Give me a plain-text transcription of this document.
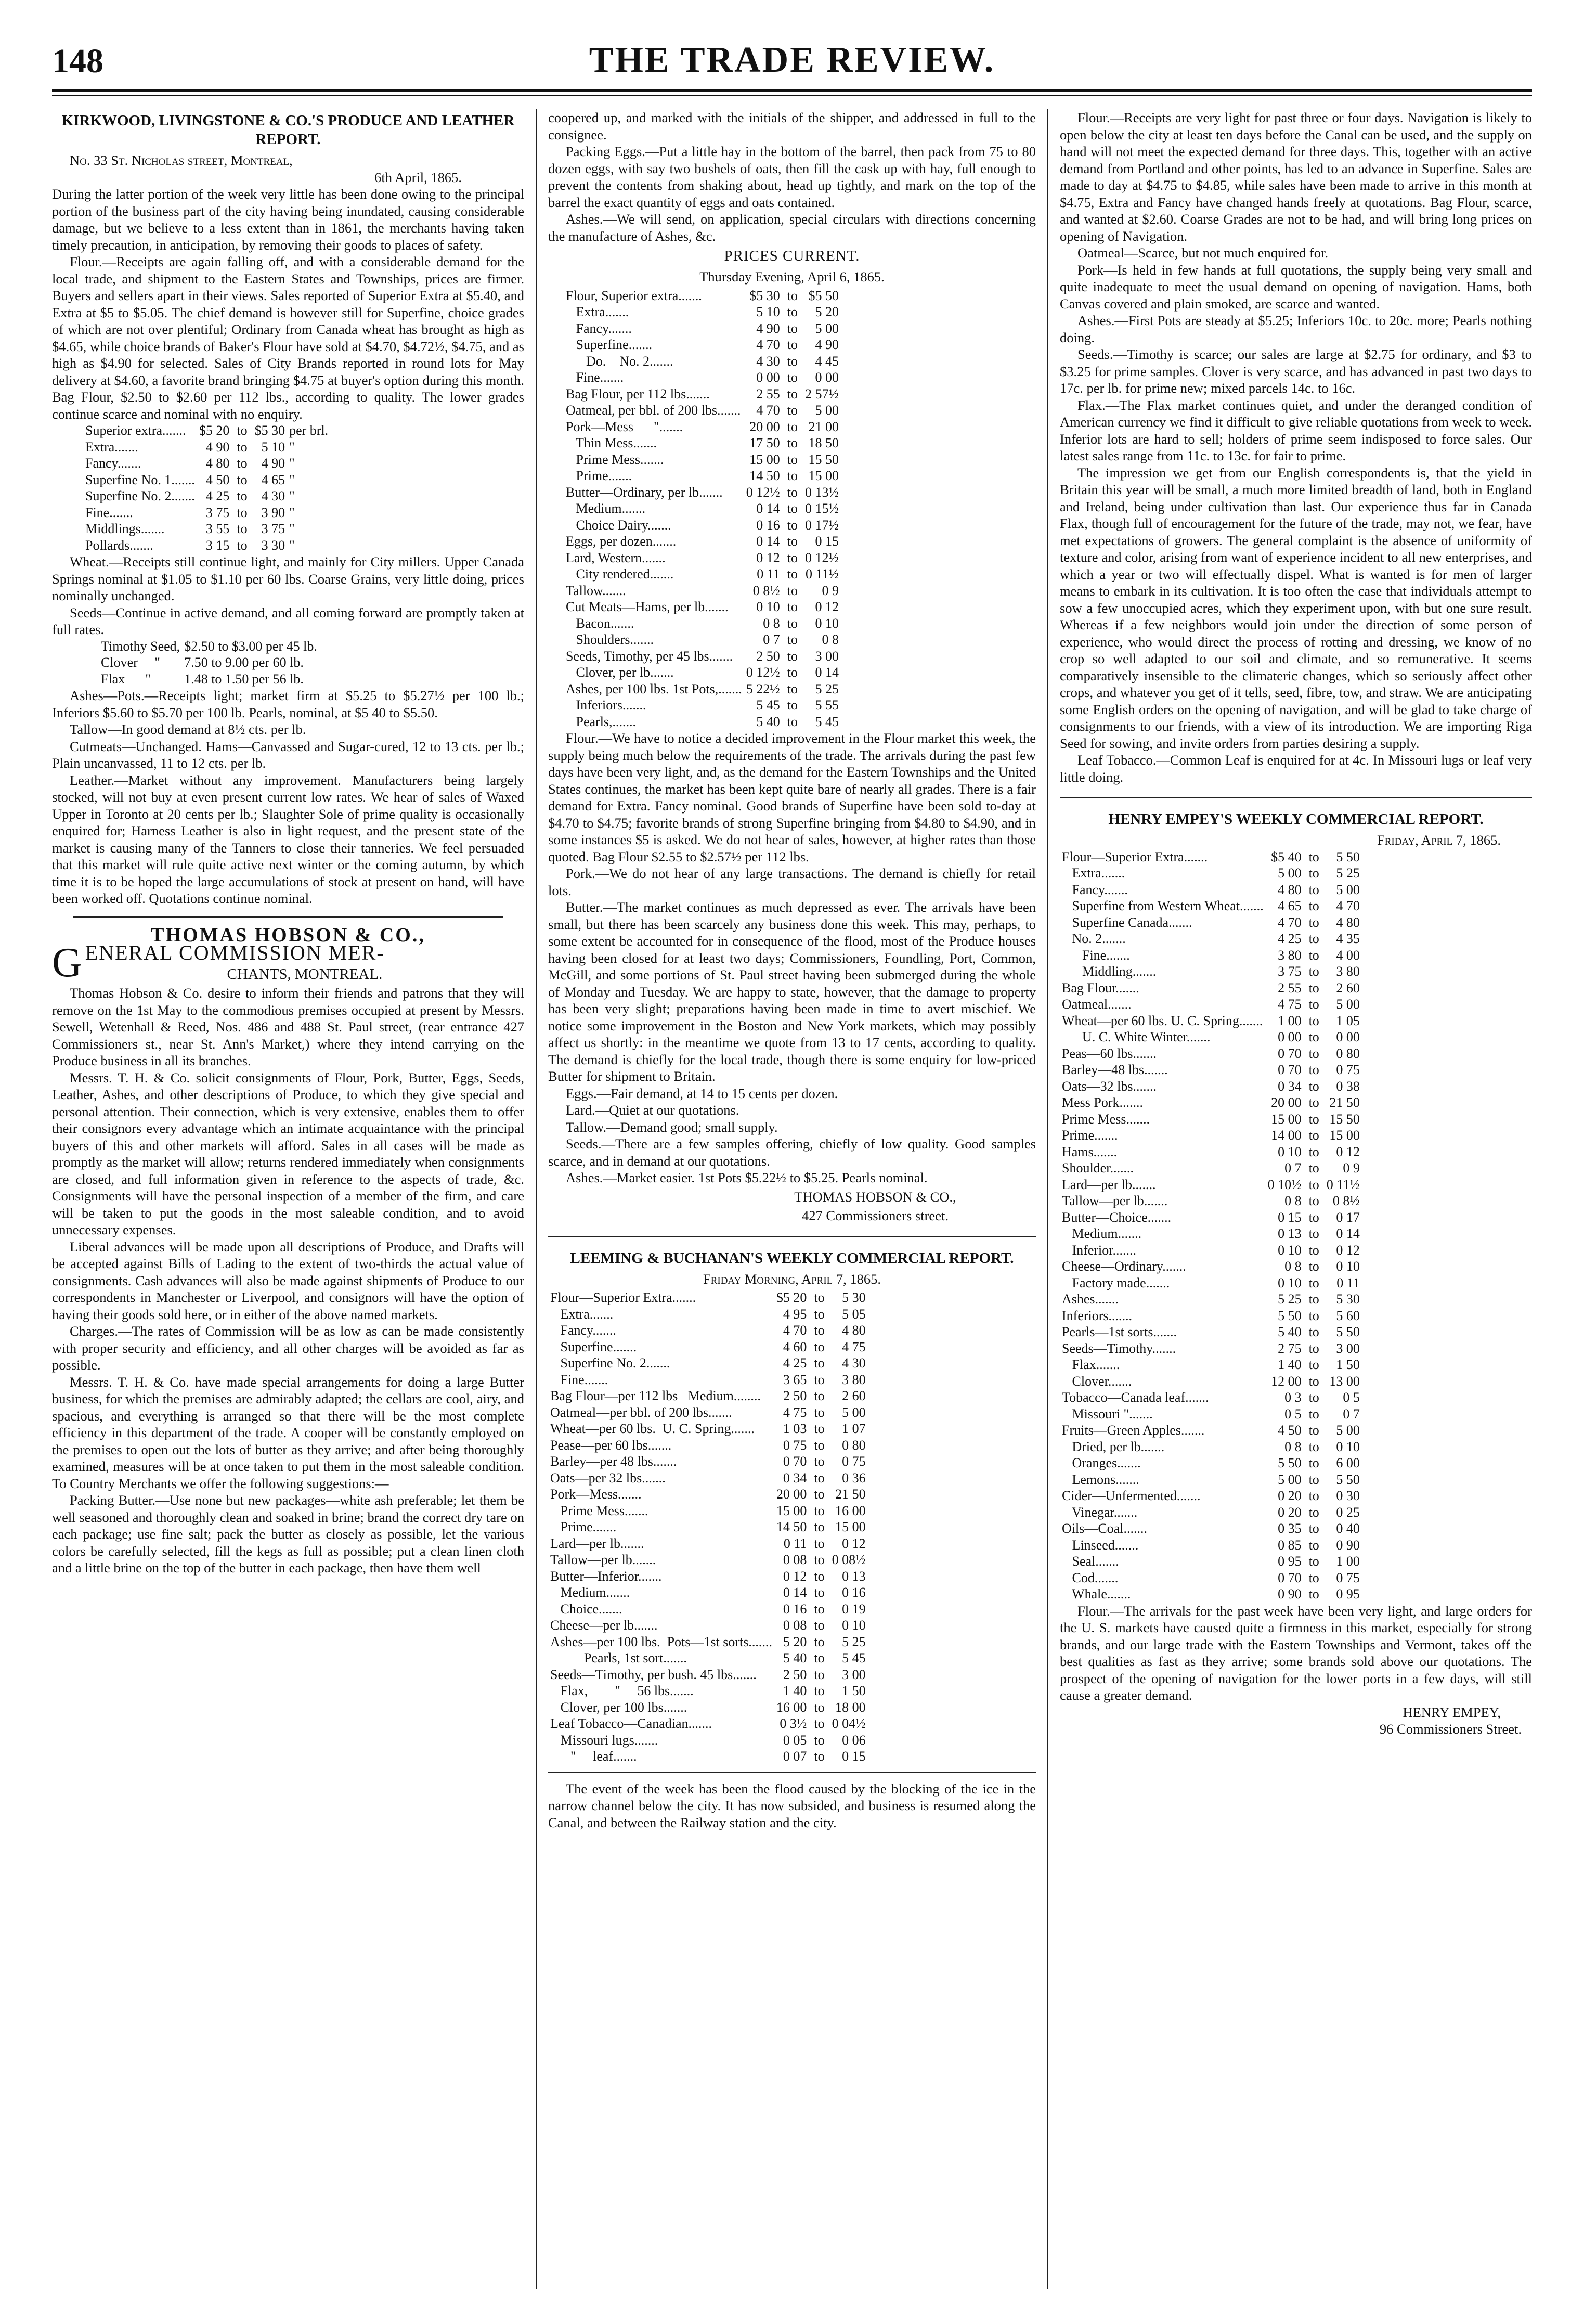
148	THE TRADE REVIEW.
KIRKWOOD, LIVINGSTONE & CO.'S PRODUCE AND LEATHER REPORT.

No. 33 St. Nicholas street, Montreal,

6th April, 1865.

During the latter portion of the week very little has been done owing to the principal portion of the business part of the city having being inundated, causing considerable damage, but we believe to a less extent than in 1861, the merchants having taken timely precaution, in anticipation, by removing their goods to places of safety.

Flour.—Receipts are again falling off, and with a considerable demand for the local trade, and shipment to the Eastern States and Townships, prices are firmer. Buyers and sellers apart in their views. Sales reported of Superior Extra at $5.40, and Extra at $5 to $5.05. The chief demand is however still for Superfine, choice grades of which are not over plentiful; Ordinary from Canada wheat has brought as high as $4.65, while choice brands of Baker's Flour have sold at $4.70, $4.72½, $4.75, and as high as $4.90 for selected. Sales of City Brands reported in round lots for May delivery at $4.60, a favorite brand bringing $4.75 at buyer's option during this month. Bag Flour, $2.50 to $2.60 per 112 lbs., according to quality. The lower grades continue scarce and nominal with no enquiry.

Superior extra.......	$5 20	to	$5 30	per brl.
Extra.......	4 90	to	5 10	"
Fancy.......	4 80	to	4 90	"
Superfine No. 1.......	4 50	to	4 65	"
Superfine No. 2.......	4 25	to	4 30	"
Fine.......	3 75	to	3 90	"
Middlings.......	3 55	to	3 75	"
Pollards.......	3 15	to	3 30	"

Wheat.—Receipts still continue light, and mainly for City millers. Upper Canada Springs nominal at $1.05 to $1.10 per 60 lbs. Coarse Grains, very little doing, prices nominally unchanged.

Seeds—Continue in active demand, and all coming forward are promptly taken at full rates.

Timothy Seed,	$2.50 to $3.00 per 45 lb.
Clover     "	7.50 to 9.00 per 60 lb.
Flax      "	1.48 to 1.50 per 56 lb.

Ashes—Pots.—Receipts light; market firm at $5.25 to $5.27½ per 100 lb.; Inferiors $5.60 to $5.70 per 100 lb. Pearls, nominal, at $5 40 to $5.50.

Tallow—In good demand at 8½ cts. per lb.

Cutmeats—Unchanged. Hams—Canvassed and Sugar-cured, 12 to 13 cts. per lb.; Plain uncanvassed, 11 to 12 cts. per lb.

Leather.—Market without any improvement. Manufacturers being largely stocked, will not buy at even present current low rates. We hear of sales of Waxed Upper in Toronto at 20 cents per lb.; Slaughter Sole of prime quality is occasionally enquired for; Harness Leather is also in light request, and the present state of the market is causing many of the Tanners to close their tanneries. We feel persuaded that this market will rule quite active next winter or the coming autumn, by which time it is to be hoped the large accumulations of stock at present on hand, will have been worked off. Quotations continue nominal.

THOMAS HOBSON & CO.,
G ENERAL COMMISSION MER-
CHANTS, MONTREAL.

Thomas Hobson & Co. desire to inform their friends and patrons that they will remove on the 1st May to the commodious premises occupied at present by Messrs. Sewell, Wetenhall & Reed, Nos. 486 and 488 St. Paul street, (rear entrance 427 Commissioners st., near St. Ann's Market,) where they intend carrying on the Produce business in all its branches.

Messrs. T. H. & Co. solicit consignments of Flour, Pork, Butter, Eggs, Seeds, Leather, Ashes, and other descriptions of Produce, to which they give special and personal attention. Their connection, which is very extensive, enables them to offer their consignors every advantage which an intimate acquaintance with the principal buyers of this and other markets will afford. Sales in all cases will be made as promptly as the market will allow; returns rendered immediately when consignments are closed, and full information given in reference to the aspects of trade, &c. Consignments will have the personal inspection of a member of the firm, and care will be taken to put the goods in the most saleable condition, and to avoid unnecessary expenses.

Liberal advances will be made upon all descriptions of Produce, and Drafts will be accepted against Bills of Lading to the extent of two-thirds the actual value of consignments. Cash advances will also be made against shipments of Produce to our correspondents in Manchester or Liverpool, and consignors will have the option of having their goods sold here, or in either of the above named markets.

Charges.—The rates of Commission will be as low as can be made consistently with proper security and efficiency, and all other charges will be avoided as far as possible.

Messrs. T. H. & Co. have made special arrangements for doing a large Butter business, for which the premises are admirably adapted; the cellars are cool, airy, and spacious, and everything is arranged so that there will be the most complete efficiency in this department of the trade. A cooper will be constantly employed on the premises to open out the lots of butter as they arrive; and after being thoroughly examined, measures will be at once taken to put them in the most saleable condition. To Country Merchants we offer the following suggestions:—

Packing Butter.—Use none but new packages—white ash preferable; let them be well seasoned and thoroughly clean and soaked in brine; brand the correct dry tare on each package; use fine salt; pack the butter as closely as possible, let the various colors be carefully selected, fill the kegs as full as possible; put a clean linen cloth and a little brine on the top of the butter in each package, then have them well

coopered up, and marked with the initials of the shipper, and addressed in full to the consignee.

Packing Eggs.—Put a little hay in the bottom of the barrel, then pack from 75 to 80 dozen eggs, with say two bushels of oats, then fill the cask up with hay, full enough to prevent the contents from shaking about, head up tightly, and mark on the top of the barrel the exact quantity of eggs and oats contained.

Ashes.—We will send, on application, special circulars with directions concerning the manufacture of Ashes, &c.

PRICES CURRENT.
Thursday Evening, April 6, 1865.
Flour, Superior extra.......	$5 30	to	$5 50
Extra.......	5 10	to	5 20
Fancy.......	4 90	to	5 00
Superfine.......	4 70	to	4 90
Do.    No. 2.......	4 30	to	4 45
Fine.......	0 00	to	0 00
Bag Flour, per 112 lbs.......	2 55	to	2 57½
Oatmeal, per bbl. of 200 lbs.......	4 70	to	5 00
Pork—Mess      ".......	20 00	to	21 00
Thin Mess.......	17 50	to	18 50
Prime Mess.......	15 00	to	15 50
Prime.......	14 50	to	15 00
Butter—Ordinary, per lb.......	0 12½	to	0 13½
Medium.......	0 14	to	0 15½
Choice Dairy.......	0 16	to	0 17½
Eggs, per dozen.......	0 14	to	0 15
Lard, Western.......	0 12	to	0 12½
City rendered.......	0 11	to	0 11½
Tallow.......	0 8½	to	0 9
Cut Meats—Hams, per lb.......	0 10	to	0 12
Bacon.......	0 8	to	0 10
Shoulders.......	0 7	to	0 8
Seeds, Timothy, per 45 lbs.......	2 50	to	3 00
Clover, per lb.......	0 12½	to	0 14
Ashes, per 100 lbs. 1st Pots,.......	5 22½	to	5 25
Inferiors.......	5 45	to	5 55
Pearls,.......	5 40	to	5 45

Flour.—We have to notice a decided improvement in the Flour market this week, the supply being much below the requirements of the trade. The arrivals during the past few days have been very light, and, as the demand for the Eastern Townships and the United States continues, the market has been kept quite bare of nearly all grades. There is a fair demand for Extra. Fancy nominal. Good brands of Superfine have been sold to-day at $4.70 to $4.75; favorite brands of strong Superfine bringing from $4.80 to $4.90, and in some instances $5 is asked. We do not hear of sales, however, at higher rates than those quoted. Bag Flour $2.55 to $2.57½ per 112 lbs.

Pork.—We do not hear of any large transactions. The demand is chiefly for retail lots.

Butter.—The market continues as much depressed as ever. The arrivals have been small, but there has been scarcely any business done this week. This may, perhaps, to some extent be accounted for in consequence of the flood, most of the Produce houses having been closed for at least two days; Commissioners, Foundling, Port, Common, McGill, and some portions of St. Paul street having been submerged during the whole of Monday and Tuesday. We are happy to state, however, that the damage to property has been very slight; preparations having been made in time to avert mischief. We notice some improvement in the Boston and New York markets, which may possibly affect us shortly: in the meantime we quote from 13 to 17 cents, according to quality. The demand is chiefly for the local trade, though there is some enquiry for low-priced Butter for shipment to Britain.

Eggs.—Fair demand, at 14 to 15 cents per dozen.

Lard.—Quiet at our quotations.

Tallow.—Demand good; small supply.

Seeds.—There are a few samples offering, chiefly of low quality. Good samples scarce, and in demand at our quotations.

Ashes.—Market easier. 1st Pots $5.22½ to $5.25. Pearls nominal.

THOMAS HOBSON & CO.,
427 Commissioners street.
LEEMING & BUCHANAN'S WEEKLY COMMERCIAL REPORT.
Friday Morning, April 7, 1865.
Flour—Superior Extra.......	$5 20	to	5 30
Extra.......	4 95	to	5 05
Fancy.......	4 70	to	4 80
Superfine.......	4 60	to	4 75
Superfine No. 2.......	4 25	to	4 30
Fine.......	3 65	to	3 80
Bag Flour—per 112 lbs   Medium........	2 50	to	2 60
Oatmeal—per bbl. of 200 lbs.......	4 75	to	5 00
Wheat—per 60 lbs.  U. C. Spring.......	1 03	to	1 07
Pease—per 60 lbs.......	0 75	to	0 80
Barley—per 48 lbs.......	0 70	to	0 75
Oats—per 32 lbs.......	0 34	to	0 36
Pork—Mess.......	20 00	to	21 50
Prime Mess.......	15 00	to	16 00
Prime.......	14 50	to	15 00
Lard—per lb.......	0 11	to	0 12
Tallow—per lb.......	0 08	to	0 08½
Butter—Inferior.......	0 12	to	0 13
Medium.......	0 14	to	0 16
Choice.......	0 16	to	0 19
Cheese—per lb.......	0 08	to	0 10
Ashes—per 100 lbs.  Pots—1st sorts.......	5 20	to	5 25
Pearls, 1st sort.......	5 40	to	5 45
Seeds—Timothy, per bush. 45 lbs.......	2 50	to	3 00
Flax,        "     56 lbs.......	1 40	to	1 50
Clover, per 100 lbs.......	16 00	to	18 00
Leaf Tobacco—Canadian.......	0 3½	to	0 04½
Missouri lugs.......	0 05	to	0 06
"     leaf.......	0 07	to	0 15

The event of the week has been the flood caused by the blocking of the ice in the narrow channel below the city. It has now subsided, and business is resumed along the Canal, and between the Railway station and the city.

Flour.—Receipts are very light for past three or four days. Navigation is likely to open below the city at least ten days before the Canal can be used, and the supply on hand will not meet the expected demand for three days. This, together with an active demand from Portland and other points, has led to an advance in Superfine. Sales are made to day at $4.75 to $4.85, while sales have been made to arrive in this month at $4.75, Extra and Fancy have changed hands freely at quotations. Bag Flour, scarce, and wanted at $2.60. Coarse Grades are not to be had, and will bring long prices on opening of Navigation.

Oatmeal—Scarce, but not much enquired for.

Pork—Is held in few hands at full quotations, the supply being very small and quite inadequate to meet the usual demand on opening of navigation. Hams, both Canvas covered and plain smoked, are scarce and wanted.

Ashes.—First Pots are steady at $5.25; Inferiors 10c. to 20c. more; Pearls nothing doing.

Seeds.—Timothy is scarce; our sales are large at $2.75 for ordinary, and $3 to $3.25 for prime samples. Clover is very scarce, and has advanced in past two days to 17c. per lb. for prime new; mixed parcels 14c. to 16c.

Flax.—The Flax market continues quiet, and under the deranged condition of American currency we find it difficult to give reliable quotations from week to week. Inferior lots are hard to sell; holders of prime seem indisposed to force sales. Our latest sales range from 11c. to 13c. for fair to prime.

The impression we get from our English correspondents is, that the yield in Britain this year will be small, a much more limited breadth of land, both in England and Ireland, being under cultivation than last. Our experience thus far in Canada Flax, though full of encouragement for the future of the trade, may not, we fear, have met expectations of growers. The general complaint is the absence of uniformity of texture and color, arising from want of experience incident to all new enterprises, and which a year or two will effectually dispel. What is wanted is for men of larger means to embark in its cultivation. It is too often the case that individuals attempt to sow a few unoccupied acres, which they experiment upon, with but one sure result. Whereas if a few neighbors would join under the direction of some person of experience, who would direct the process of rotting and dressing, we know of no crop so well adapted to our soil and climate, and so remunerative. It seems comparatively insensible to the climateric changes, which so seriously affect other crops, and whatever you get of it tells, seed, fibre, tow, and straw. We are anticipating some English orders on the opening of navigation, and will be glad to take charge of consignments to our friends, with a view of its introduction. We are importing Riga Seed for sowing, and invite orders from parties desiring a supply.

Leaf Tobacco.—Common Leaf is enquired for at 4c. In Missouri lugs or leaf very little doing.

HENRY EMPEY'S WEEKLY COMMERCIAL REPORT.
Friday, April 7, 1865.
Flour—Superior Extra.......	$5 40	to	5 50
Extra.......	5 00	to	5 25
Fancy.......	4 80	to	5 00
Superfine from Western Wheat.......	4 65	to	4 70
Superfine Canada.......	4 70	to	4 80
No. 2.......	4 25	to	4 35
Fine.......	3 80	to	4 00
Middling.......	3 75	to	3 80
Bag Flour.......	2 55	to	2 60
Oatmeal.......	4 75	to	5 00
Wheat—per 60 lbs. U. C. Spring.......	1 00	to	1 05
U. C. White Winter.......	0 00	to	0 00
Peas—60 lbs.......	0 70	to	0 80
Barley—48 lbs.......	0 70	to	0 75
Oats—32 lbs.......	0 34	to	0 38
Mess Pork.......	20 00	to	21 50
Prime Mess.......	15 00	to	15 50
Prime.......	14 00	to	15 00
Hams.......	0 10	to	0 12
Shoulder.......	0 7	to	0 9
Lard—per lb.......	0 10½	to	0 11½
Tallow—per lb.......	0 8	to	0 8½
Butter—Choice.......	0 15	to	0 17
Medium.......	0 13	to	0 14
Inferior.......	0 10	to	0 12
Cheese—Ordinary.......	0 8	to	0 10
Factory made.......	0 10	to	0 11
Ashes.......	5 25	to	5 30
Inferiors.......	5 50	to	5 60
Pearls—1st sorts.......	5 40	to	5 50
Seeds—Timothy.......	2 75	to	3 00
Flax.......	1 40	to	1 50
Clover.......	12 00	to	13 00
Tobacco—Canada leaf.......	0 3	to	0 5
Missouri ".......	0 5	to	0 7
Fruits—Green Apples.......	4 50	to	5 00
Dried, per lb.......	0 8	to	0 10
Oranges.......	5 50	to	6 00
Lemons.......	5 00	to	5 50
Cider—Unfermented.......	0 20	to	0 30
Vinegar.......	0 20	to	0 25
Oils—Coal.......	0 35	to	0 40
Linseed.......	0 85	to	0 90
Seal.......	0 95	to	1 00
Cod.......	0 70	to	0 75
Whale.......	0 90	to	0 95

Flour.—The arrivals for the past week have been very light, and large orders for the U. S. markets have caused quite a firmness in this market, especially for strong brands, and our large trade with the Eastern Townships and Vermont, takes off the best qualities as fast as they arrive; some brands sold above our quotations. The prospect of the opening of navigation for the lower ports in a few days, will still cause a greater demand.

HENRY EMPEY,
96 Commissioners Street.
